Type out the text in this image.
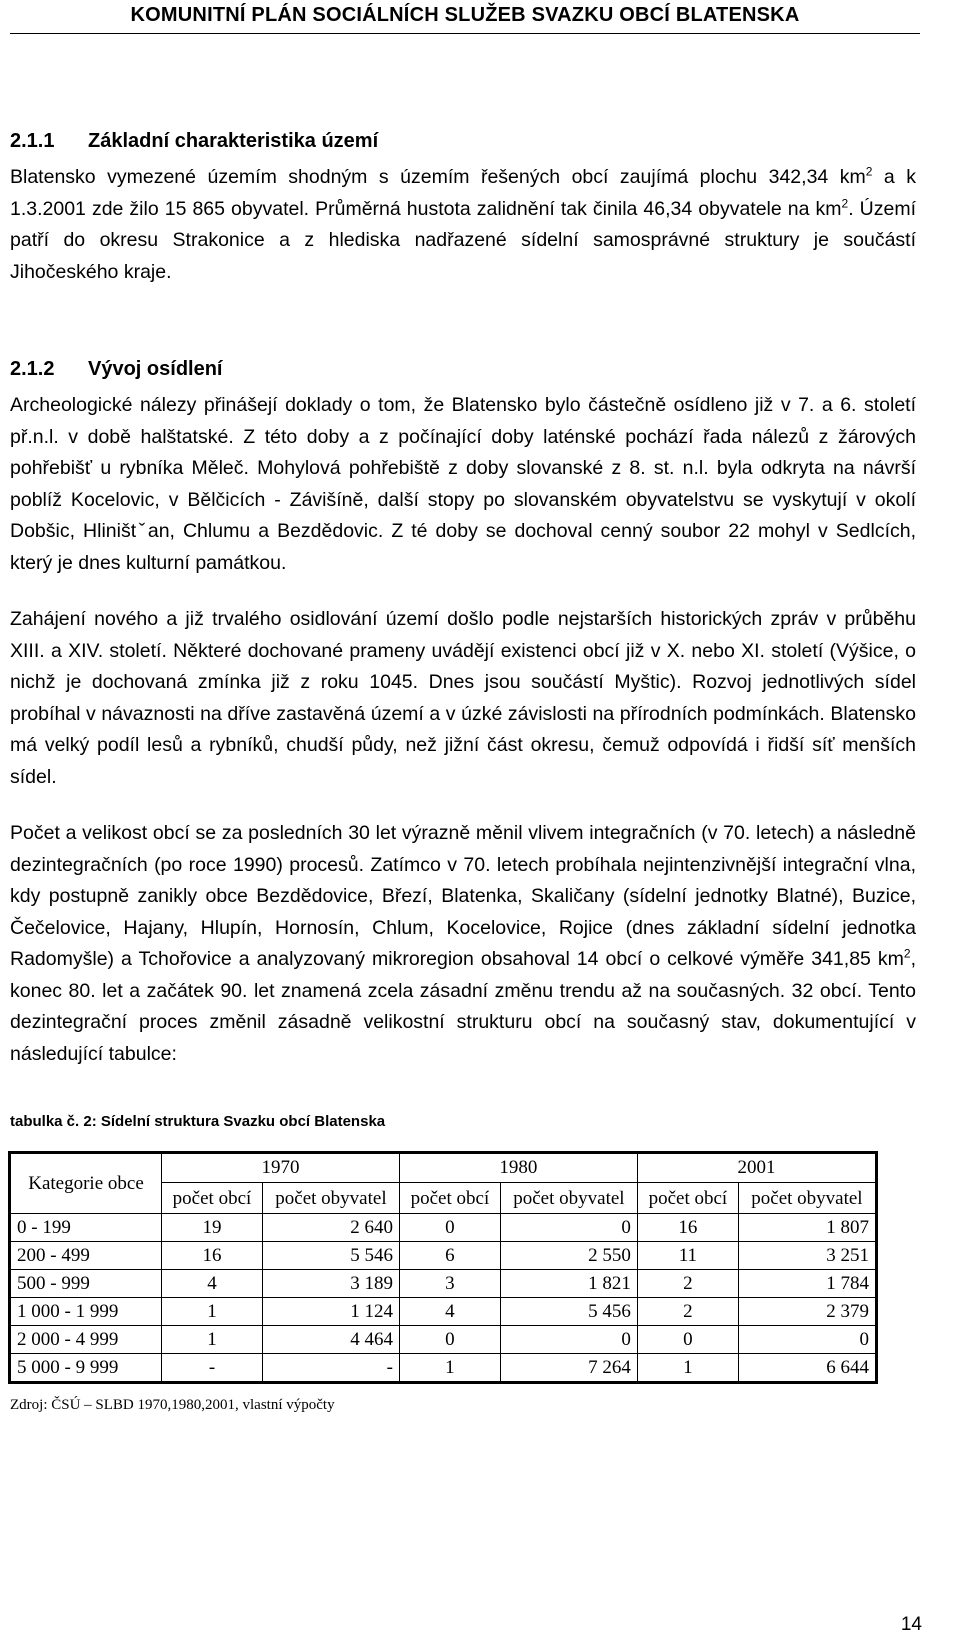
KOMUNITNÍ PLÁN SOCIÁLNÍCH SLUŽEB SVAZKU OBCÍ BLATENSKA
2.1.1 Základní charakteristika území

Blatensko vymezené územím shodným s územím řešených obcí zaujímá plochu 342,34 $km^2$ a k 1.3.2001 zde žilo 15 865 obyvatel. Průměrná hustota zalidnění tak činila 46,34 obyvatele na $km^2$. Území patří do okresu Strakonice a z hlediska nadřazené sídelní samosprávné struktury je součástí Jihočeského kraje.

2.1.2 Vývoj osídlení

Archeologické nálezy přinášejí doklady o tom, že Blatensko bylo částečně osídleno již v 7. a 6. století př.n.l. v době halštatské. Z této doby a z počínající doby laténské pochází řada nálezů z žárových pohřebišť u rybníka Měleč. Mohylová pohřebiště z doby slovanské z 8. st. n.l. byla odkryta na návrší poblíž Kocelovic, v Bělčicích - Závišíně, další stopy po slovanském obyvatelstvu se vyskytují v okolí Dobšic, Hliništˇan, Chlumu a Bezdědovic. Z té doby se dochoval cenný soubor 22 mohyl v Sedlcích, který je dnes kulturní památkou.

Zahájení nového a již trvalého osidlování území došlo podle nejstarších historických zpráv v průběhu XIII. a XIV. století. Některé dochované prameny uvádějí existenci obcí již v X. nebo XI. století (Výšice, o nichž je dochovaná zmínka již z roku 1045. Dnes jsou součástí Myštic). Rozvoj jednotlivých sídel probíhal v návaznosti na dříve zastavěná území a v úzké závislosti na přírodních podmínkách. Blatensko má velký podíl lesů a rybníků, chudší půdy, než jižní část okresu, čemuž odpovídá i řidší síť menších sídel.

Počet a velikost obcí se za posledních 30 let výrazně měnil vlivem integračních (v 70. letech) a následně dezintegračních (po roce 1990) procesů. Zatímco v 70. letech probíhala nejintenzivnější integrační vlna, kdy postupně zanikly obce Bezdědovice, Březí, Blatenka, Skaličany (sídelní jednotky Blatné), Buzice, Čečelovice, Hajany, Hlupín, Hornosín, Chlum, Kocelovice, Rojice (dnes základní sídelní jednotka Radomyšle) a Tchořovice a analyzovaný mikroregion obsahoval 14 obcí o celkové výměře 341,85 $km^2$, konec 80. let a začátek 90. let znamená zcela zásadní změnu trendu až na současných. 32 obcí. Tento dezintegrační proces změnil zásadně velikostní strukturu obcí na současný stav, dokumentující v následující tabulce:

tabulka č. 2: Sídelní struktura Svazku obcí Blatenska
Kategorie obce	1970		1980		2001	
	počet obcí	počet obyvatel	počet obcí	počet obyvatel	počet obcí	počet obyvatel
0 - 199	19	2 640	0	0	16	1 807
200 - 499	16	5 546	6	2 550	11	3 251
500 - 999	4	3 189	3	1 821	2	1 784
1 000 - 1 999	1	1 124	4	5 456	2	2 379
2 000 - 4 999	1	4 464	0	0	0	0
5 000 - 9 999	-	-	1	7 264	1	6 644
Zdroj: ČSÚ – SLBD 1970,1980,2001, vlastní výpočty
14
